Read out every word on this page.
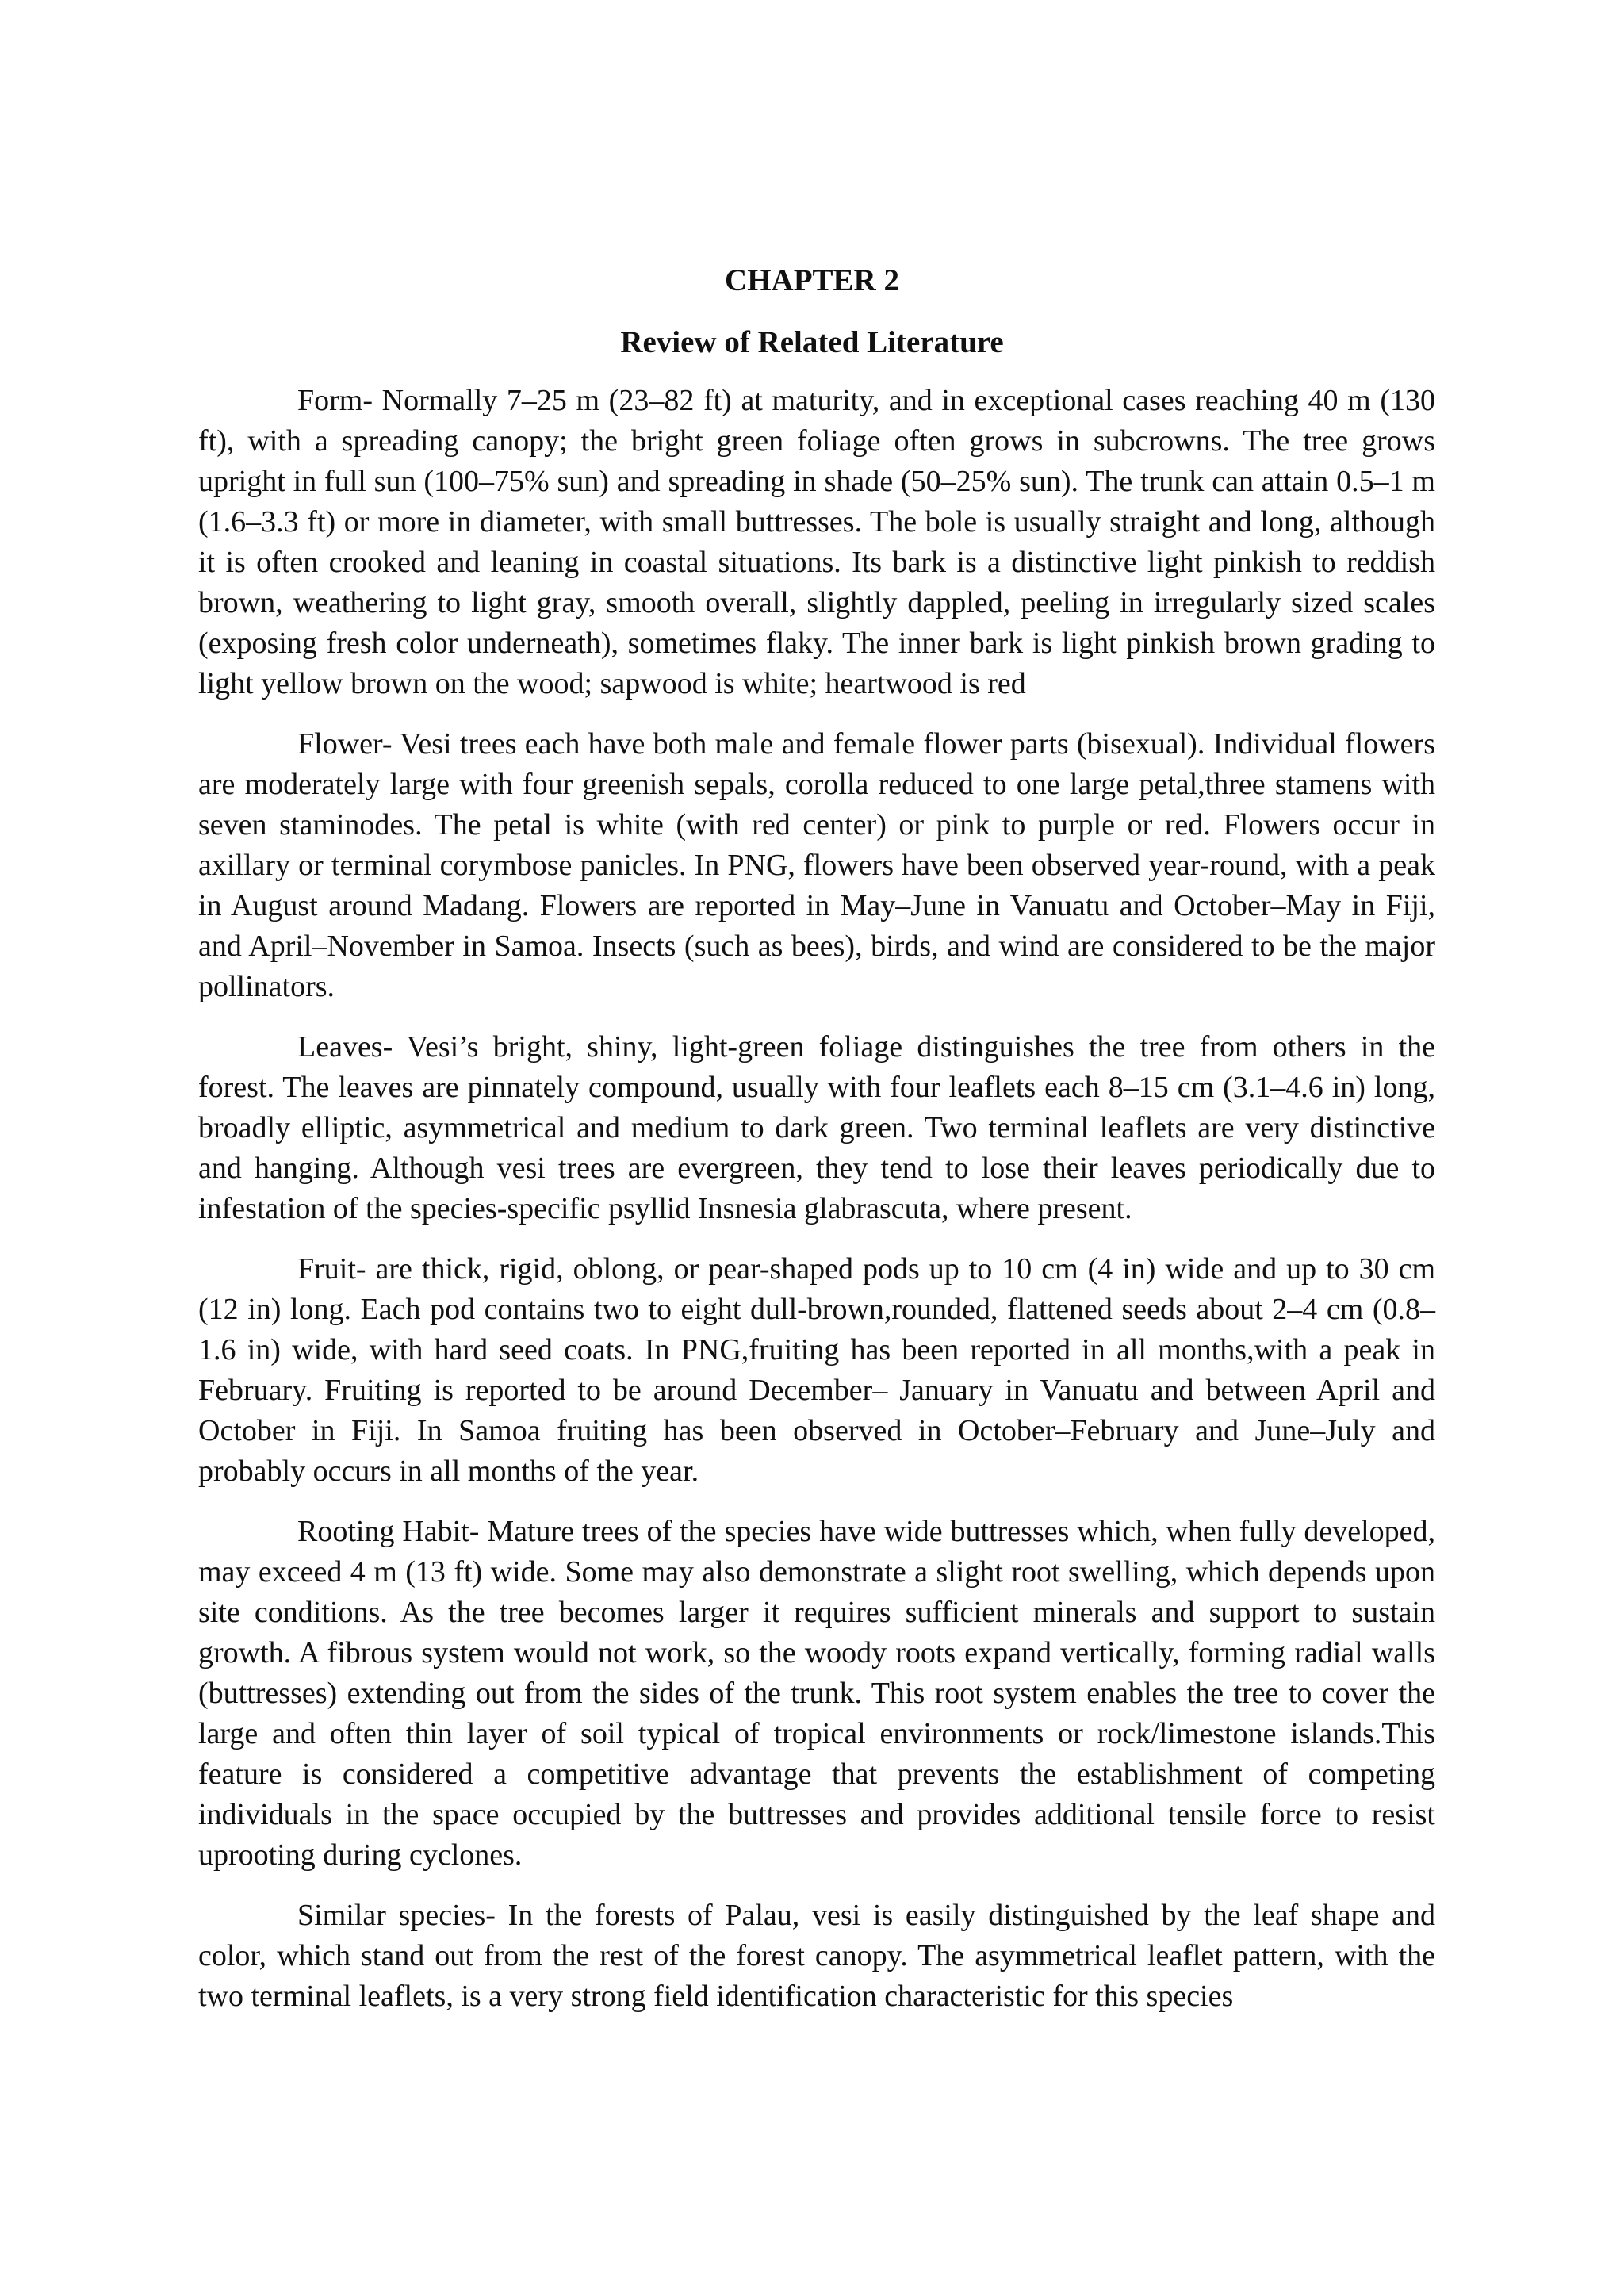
CHAPTER 2
Review of Related Literature

Form- Normally 7–25 m (23–82 ft) at maturity, and in exceptional cases reaching 40 m (130 ft), with a spreading canopy; the bright green foliage often grows in subcrowns. The tree grows upright in full sun (100–75% sun) and spreading in shade (50–25% sun). The trunk can attain 0.5–1 m (1.6–3.3 ft) or more in diameter, with small buttresses. The bole is usually straight and long, although it is often crooked and leaning in coastal situations. Its bark is a distinctive light pinkish to reddish brown, weathering to light gray, smooth overall, slightly dappled, peeling in irregularly sized scales (exposing fresh color underneath), sometimes flaky. The inner bark is light pinkish brown grading to light yellow brown on the wood; sapwood is white; heartwood is red

Flower- Vesi trees each have both male and female flower parts (bisexual). Individual flowers are moderately large with four greenish sepals, corolla reduced to one large petal,three stamens with seven staminodes. The petal is white (with red center) or pink to purple or red. Flowers occur in axillary or terminal corymbose panicles. In PNG, flowers have been observed year-round, with a peak in August around Madang. Flowers are reported in May–June in Vanuatu and October–May in Fiji, and April–November in Samoa. Insects (such as bees), birds, and wind are considered to be the major pollinators.

Leaves- Vesi’s bright, shiny, light-green foliage distinguishes the tree from others in the forest. The leaves are pinnately compound, usually with four leaflets each 8–15 cm (3.1–4.6 in) long, broadly elliptic, asymmetrical and medium to dark green. Two terminal leaflets are very distinctive and hanging. Although vesi trees are evergreen, they tend to lose their leaves periodically due to infestation of the species-specific psyllid Insnesia glabrascuta, where present.

Fruit- are thick, rigid, oblong, or pear-shaped pods up to 10 cm (4 in) wide and up to 30 cm (12 in) long. Each pod contains two to eight dull-brown,rounded, flattened seeds about 2–4 cm (0.8–1.6 in) wide, with hard seed coats. In PNG,fruiting has been reported in all months,with a peak in February. Fruiting is reported to be around December– January in Vanuatu and between April and October in Fiji. In Samoa fruiting has been observed in October–February and June–July and probably occurs in all months of the year.

Rooting Habit- Mature trees of the species have wide buttresses which, when fully developed, may exceed 4 m (13 ft) wide. Some may also demonstrate a slight root swelling, which depends upon site conditions. As the tree becomes larger it requires sufficient minerals and support to sustain growth. A fibrous system would not work, so the woody roots expand vertically, forming radial walls (buttresses) extending out from the sides of the trunk. This root system enables the tree to cover the large and often thin layer of soil typical of tropical environments or rock/limestone islands.This feature is considered a competitive advantage that prevents the establishment of competing individuals in the space occupied by the buttresses and provides additional tensile force to resist uprooting during cyclones.

Similar species- In the forests of Palau, vesi is easily distinguished by the leaf shape and color, which stand out from the rest of the forest canopy. The asymmetrical leaflet pattern, with the two terminal leaflets, is a very strong field identification characteristic for this species
